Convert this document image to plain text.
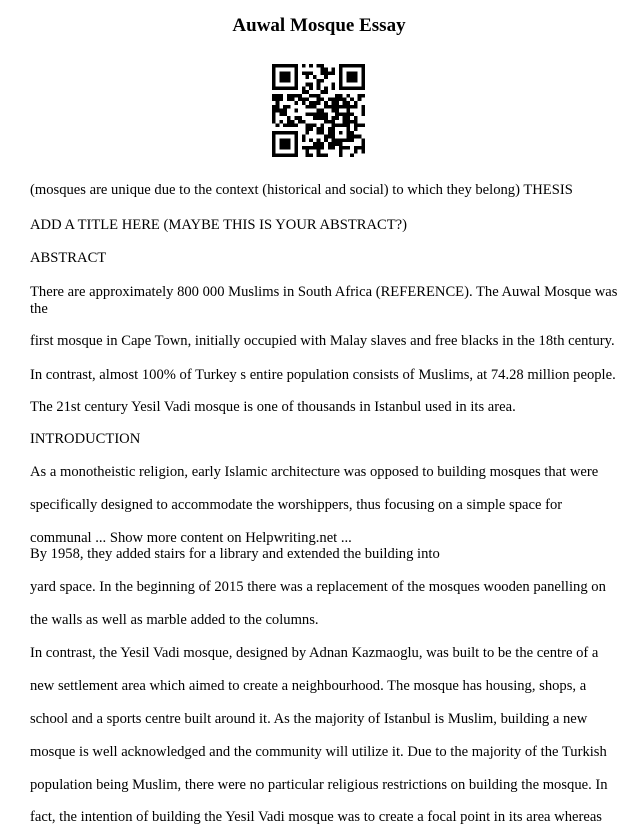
Auwal Mosque Essay
(mosques are unique due to the context (historical and social) to which they belong) THESIS
ADD A TITLE HERE (MAYBE THIS IS YOUR ABSTRACT?)
ABSTRACT
There are approximately 800 000 Muslims in South Africa (REFERENCE). The Auwal Mosque was
the
first mosque in Cape Town, initially occupied with Malay slaves and free blacks in the 18th century.
In contrast, almost 100% of Turkey s entire population consists of Muslims, at 74.28 million people.
The 21st century Yesil Vadi mosque is one of thousands in Istanbul used in its area.
INTRODUCTION
As a monotheistic religion, early Islamic architecture was opposed to building mosques that were
specifically designed to accommodate the worshippers, thus focusing on a simple space for
communal ... Show more content on Helpwriting.net ...
By 1958, they added stairs for a library and extended the building into
yard space. In the beginning of 2015 there was a replacement of the mosques wooden panelling on
the walls as well as marble added to the columns.
In contrast, the Yesil Vadi mosque, designed by Adnan Kazmaoglu, was built to be the centre of a
new settlement area which aimed to create a neighbourhood. The mosque has housing, shops, a
school and a sports centre built around it. As the majority of Istanbul is Muslim, building a new
mosque is well acknowledged and the community will utilize it. Due to the majority of the Turkish
population being Muslim, there were no particular religious restrictions on building the mosque. In
fact, the intention of building the Yesil Vadi mosque was to create a focal point in its area whereas
